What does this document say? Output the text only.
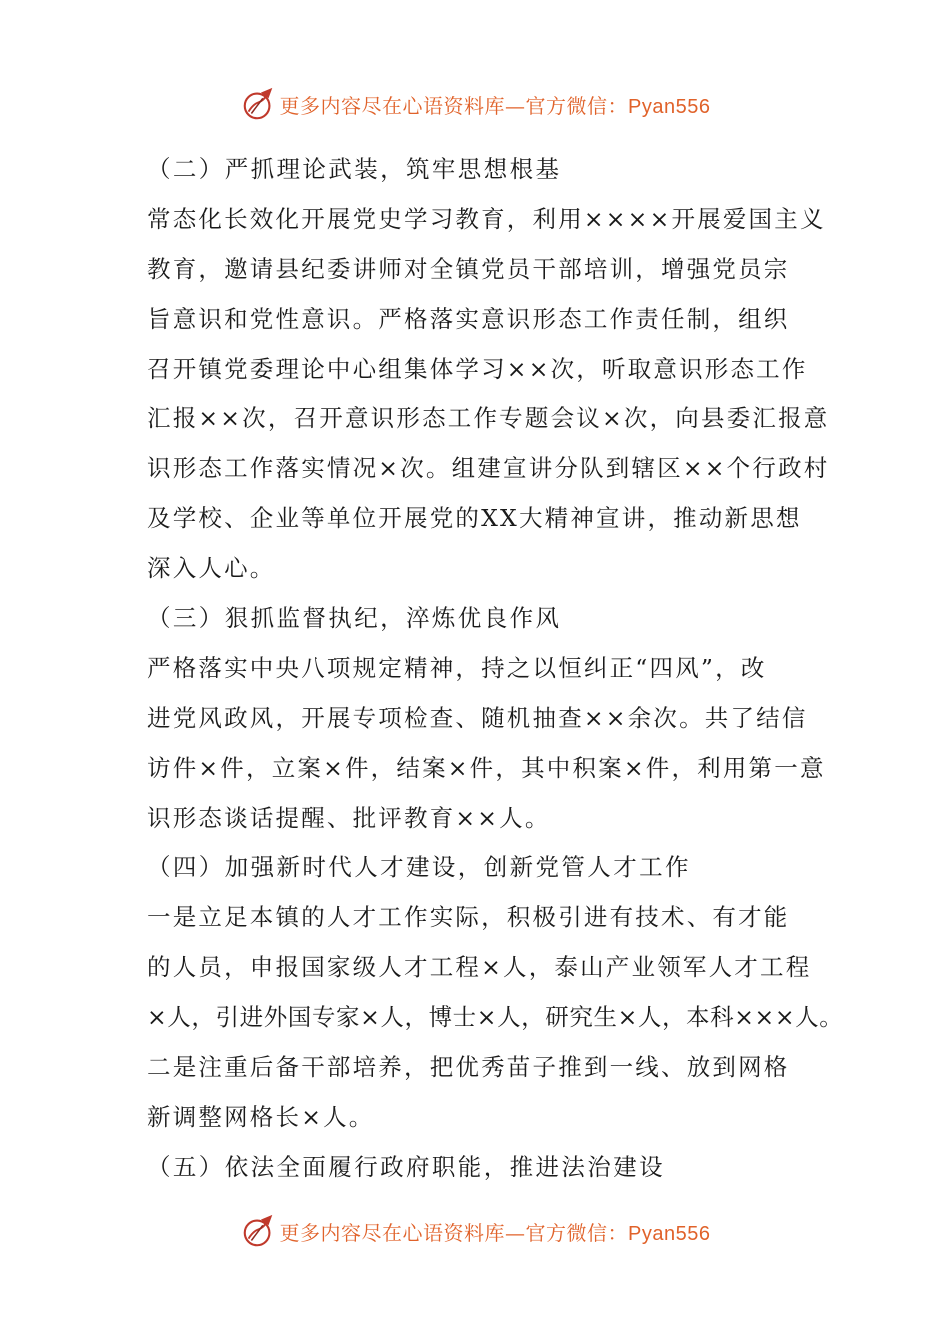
更多内容尽在心语资料库—官方微信：Pyan556
（二）严抓理论武装，筑牢思想根基
常态化长效化开展党史学习教育，利用××××开展爱国主义
教育，邀请县纪委讲师对全镇党员干部培训，增强党员宗
旨意识和党性意识。严格落实意识形态工作责任制，组织
召开镇党委理论中心组集体学习××次，听取意识形态工作
汇报××次，召开意识形态工作专题会议×次，向县委汇报意
识形态工作落实情况×次。组建宣讲分队到辖区××个行政村
及学校、企业等单位开展党的XX大精神宣讲，推动新思想
深入人心。
（三）狠抓监督执纪，淬炼优良作风
严格落实中央八项规定精神，持之以恒纠正“四风”，改
进党风政风，开展专项检查、随机抽查××余次。共了结信
访件×件，立案×件，结案×件，其中积案×件，利用第一意
识形态谈话提醒、批评教育××人。
（四）加强新时代人才建设，创新党管人才工作
一是立足本镇的人才工作实际，积极引进有技术、有才能
的人员，申报国家级人才工程×人，泰山产业领军人才工程
×人，引进外国专家×人，博士×人，研究生×人，本科×××人。
二是注重后备干部培养，把优秀苗子推到一线、放到网格
新调整网格长×人。
（五）依法全面履行政府职能，推进法治建设
更多内容尽在心语资料库—官方微信：Pyan556
